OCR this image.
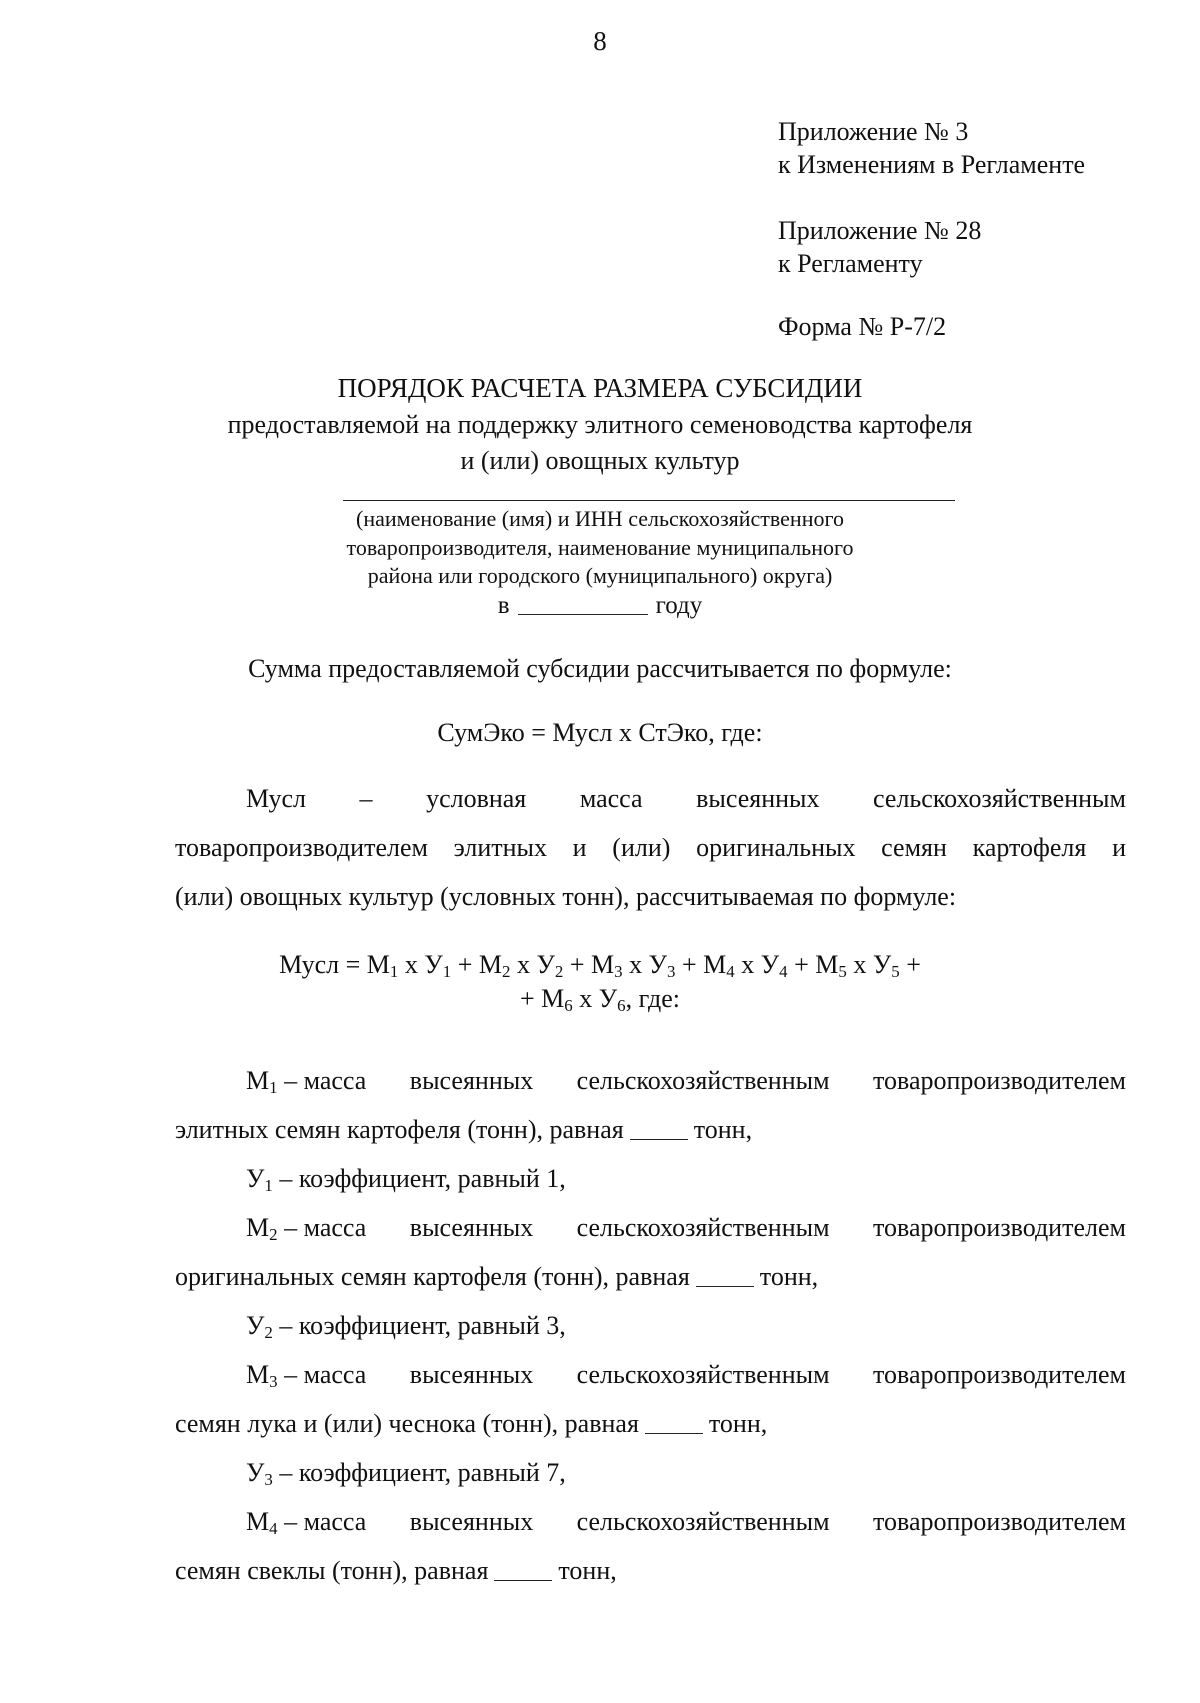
8
Приложение № 3
к Изменениям в Регламенте
Приложение № 28
к Регламенту
Форма № Р-7/2
ПОРЯДОК РАСЧЕТА РАЗМЕРА СУБСИДИИ
предоставляемой на поддержку элитного семеноводства картофеля
и (или) овощных культур
(наименование (имя) и ИНН сельскохозяйственного
товаропроизводителя, наименование муниципального
района или городского (муниципального) округа)
в	году
Сумма предоставляемой субсидии рассчитывается по формуле:
СумЭко = Мусл х СтЭко, где:
Мусл – условная масса высеянных сельскохозяйственным
товаропроизводителем элитных и (или) оригинальных семян картофеля и
(или) овощных культур (условных тонн), рассчитываемая по формуле:
Мусл = $М_1$ х $У_1 + М_2$ х $У_2 + М_3$ х $У_3 + М_4$ х $У_4 + М_5$ х $У_5$ +
+ $М_6$ х $У_6$, где:
$М_1$ – масса высеянных сельскохозяйственным товаропроизводителем
элитных семян картофеля (тонн), равная	тонн,
$У_1$ – коэффициент, равный 1,
$М_2$ – масса высеянных сельскохозяйственным товаропроизводителем
оригинальных семян картофеля (тонн), равная	тонн,
$У_2$ – коэффициент, равный 3,
$М_3$ – масса высеянных сельскохозяйственным товаропроизводителем
семян лука и (или) чеснока (тонн), равная	тонн,
$У_3$ – коэффициент, равный 7,
$М_4$ – масса высеянных сельскохозяйственным товаропроизводителем
семян свеклы (тонн), равная	тонн,
